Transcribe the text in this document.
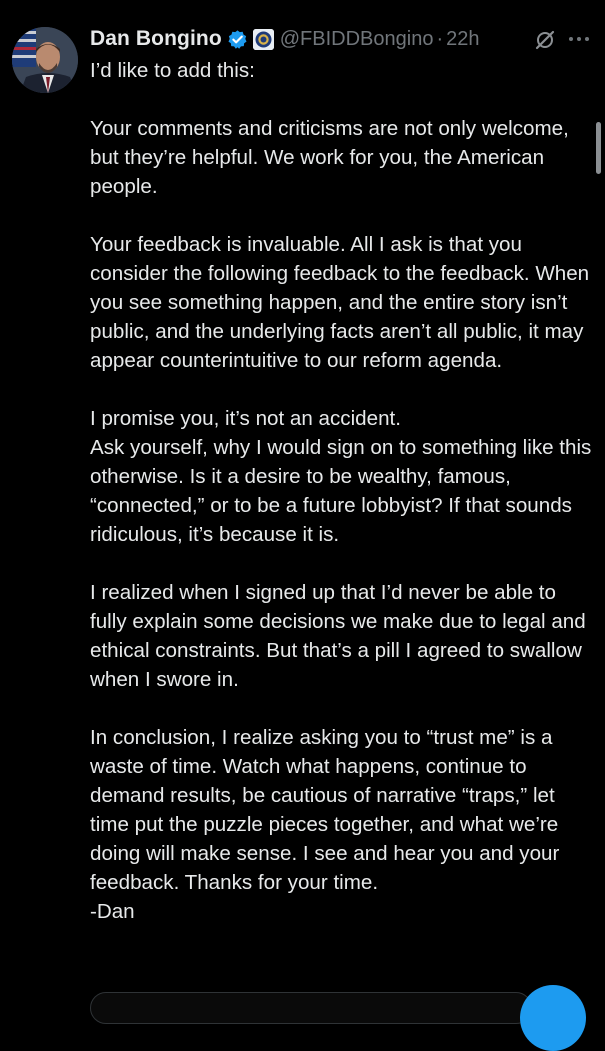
Dan Bongino	@FBIDDBongino · 22h

I’d like to add this:

Your comments and criticisms are not only welcome, but they’re helpful. We work for you, the American people.

Your feedback is invaluable. All I ask is that you consider the following feedback to the feedback. When you see something happen, and the entire story isn’t public, and the underlying facts aren’t all public, it may appear counterintuitive to our reform agenda.

I promise you, it’s not an accident.
Ask yourself, why I would sign on to something like this otherwise. Is it a desire to be wealthy, famous, “connected,” or to be a future lobbyist? If that sounds ridiculous, it’s because it is.

I realized when I signed up that I’d never be able to fully explain some decisions we make due to legal and ethical constraints. But that’s a pill I agreed to swallow when I swore in.

In conclusion, I realize asking you to “trust me” is a waste of time. Watch what happens, continue to demand results, be cautious of narrative “traps,” let time put the puzzle pieces together, and what we’re doing will make sense. I see and hear you and your feedback. Thanks for your time.
-Dan
